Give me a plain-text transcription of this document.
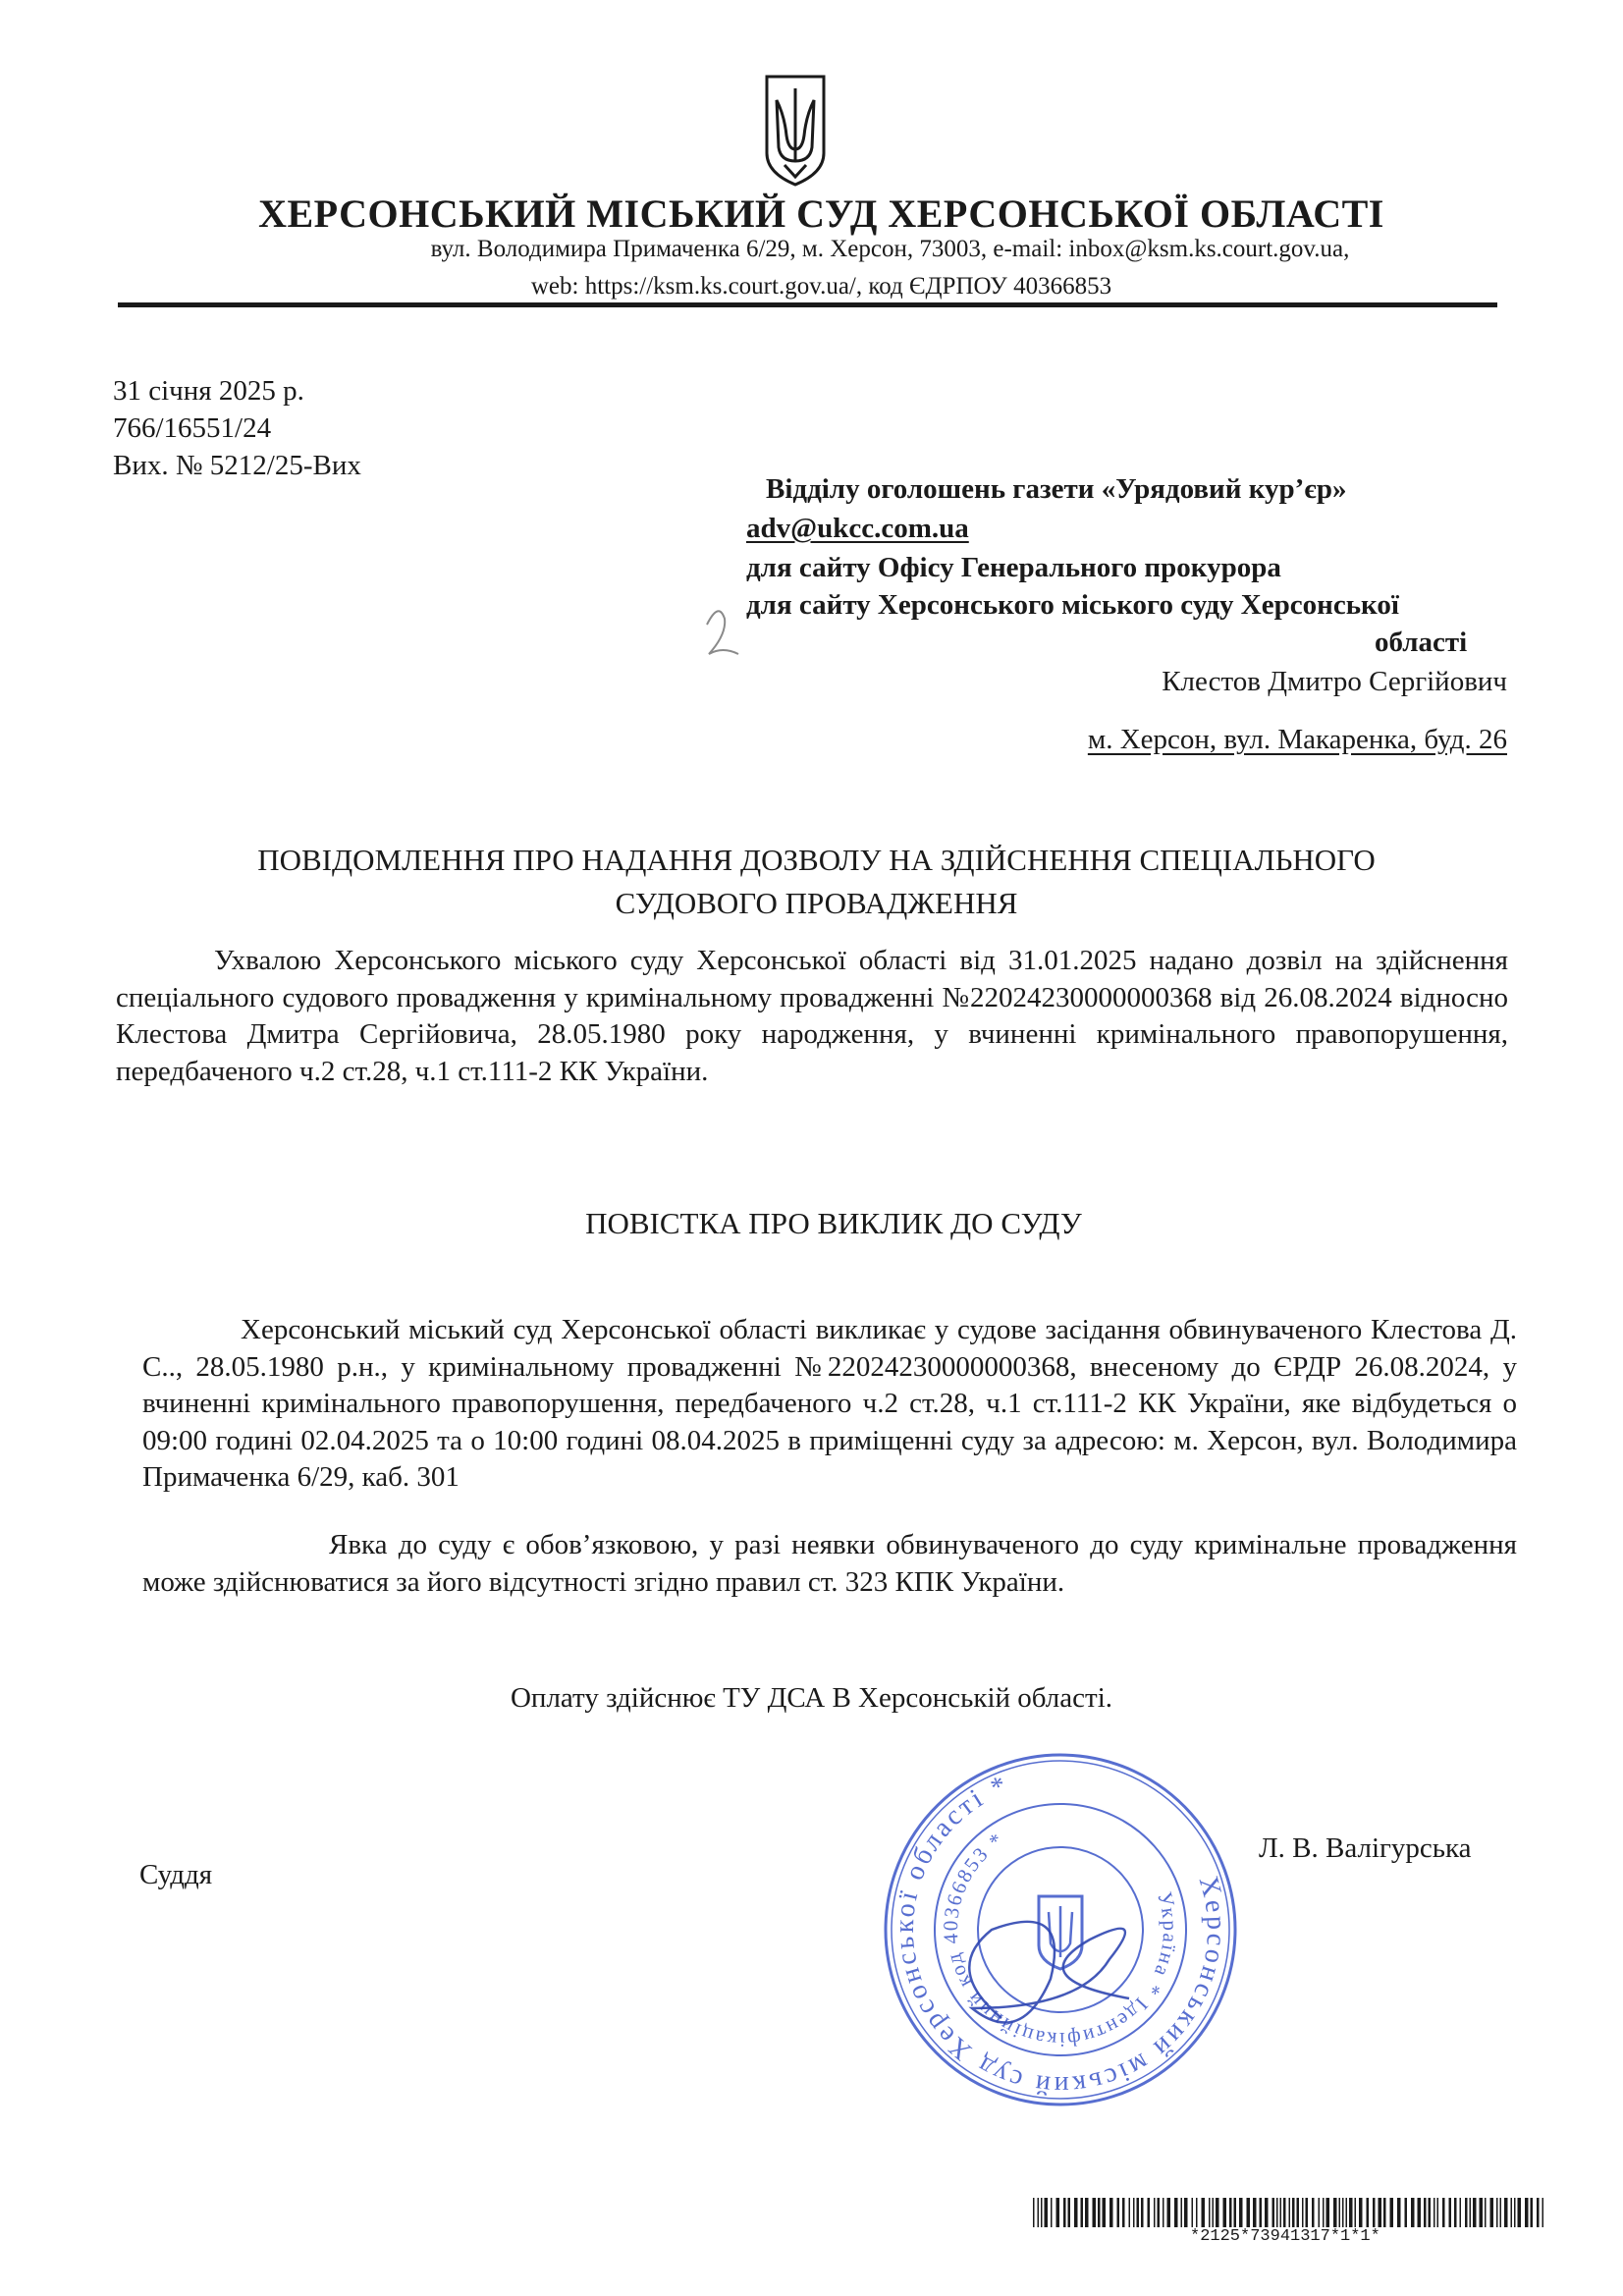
ХЕРСОНСЬКИЙ МІСЬКИЙ СУД ХЕРСОНСЬКОЇ ОБЛАСТІ
вул. Володимира Примаченка 6/29, м. Херсон, 73003, e-mail: inbox@ksm.ks.court.gov.ua,
web: https://ksm.ks.court.gov.ua/, код ЄДРПОУ 40366853
31 січня 2025 р.
766/16551/24
Вих. № 5212/25-Вих
Відділу оголошень газети «Урядовий кур’єр»
adv@ukcc.com.ua
для сайту Офісу Генерального прокурора
для сайту Херсонського міського суду Херсонської
області
Клестов Дмитро Сергійович
м. Херсон, вул. Макаренка, буд. 26
ПОВІДОМЛЕННЯ ПРО НАДАННЯ ДОЗВОЛУ НА ЗДІЙСНЕННЯ СПЕЦІАЛЬНОГО
СУДОВОГО ПРОВАДЖЕННЯ
Ухвалою Херсонського міського суду Херсонської області від 31.01.2025 надано дозвіл на здійснення спеціального судового провадження у кримінальному провадженні №22024230000000368 від 26.08.2024 відносно Клестова Дмитра Сергійовича, 28.05.1980 року народження, у вчиненні кримінального правопорушення, передбаченого ч.2 ст.28, ч.1 ст.111-2 КК України.
ПОВІСТКА ПРО ВИКЛИК ДО СУДУ
Херсонський міський суд Херсонської області викликає у судове засідання обвинуваченого Клестова Д. С.., 28.05.1980 р.н., у кримінальному провадженні №22024230000000368, внесеному до ЄРДР 26.08.2024, у вчиненні кримінального правопорушення, передбаченого ч.2 ст.28, ч.1 ст.111-2 КК України, яке відбудеться о 09:00 годині 02.04.2025 та о 10:00 годині 08.04.2025 в приміщенні суду за адресою: м. Херсон, вул. Володимира Примаченка 6/29, каб. 301
Явка до суду є обов’язковою, у разі неявки обвинуваченого до суду кримінальне провадження може здійснюватися за його відсутності згідно правил ст. 323 КПК України.
Оплату здійснює ТУ ДСА В Херсонській області.
Суддя
Л. В. Валігурська
Херсонський міський суд Херсонської області *
Україна * Ідентифікаційний код 40366853 *
*2125*73941317*1*1*
